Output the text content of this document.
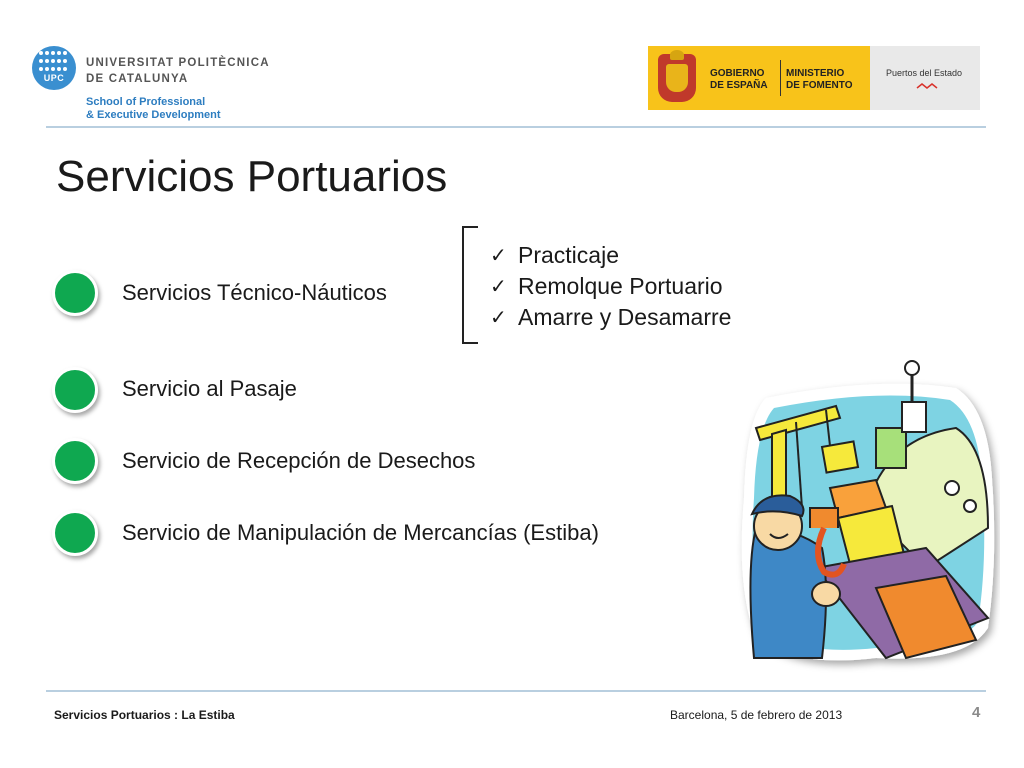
UPC
UNIVERSITAT POLITÈCNICA
DE CATALUNYA
School of Professional
& Executive Development
GOBIERNO
DE ESPAÑA
MINISTERIO
DE FOMENTO
Puertos del Estado
Servicios Portuarios
Servicios Técnico-Náuticos
Servicio al Pasaje
Servicio de Recepción de Desechos
Servicio de Manipulación de Mercancías (Estiba)
✓ Practicaje
✓ Remolque Portuario
✓ Amarre y Desamarre
Servicios Portuarios : La Estiba	Barcelona, 5 de febrero de 2013	4
